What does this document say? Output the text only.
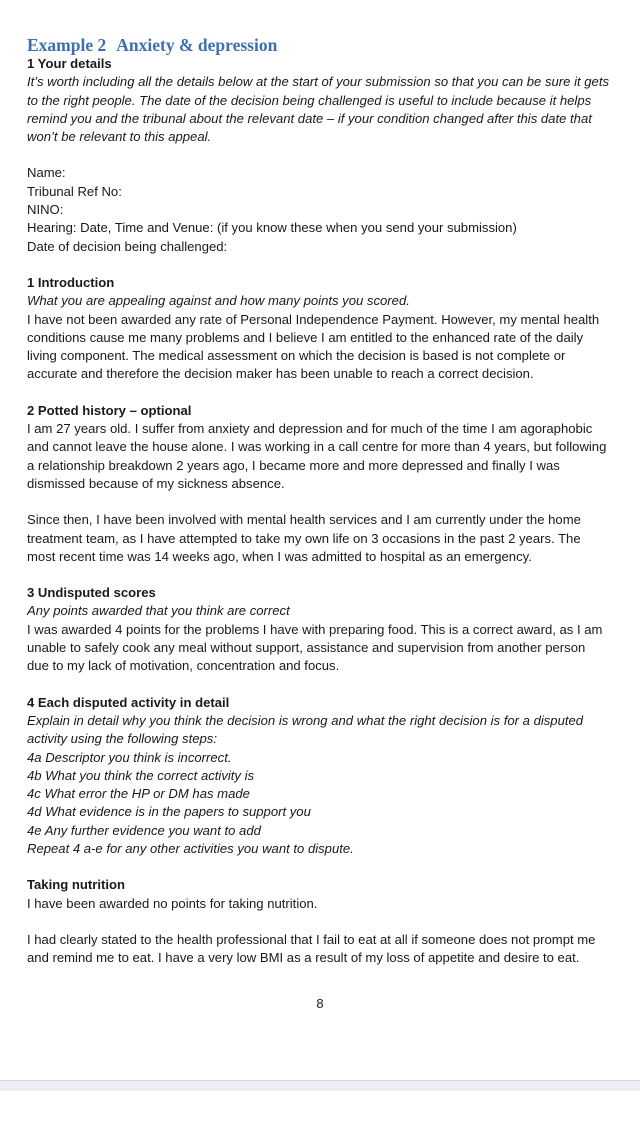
Example 2 Anxiety & depression

1 Your details

It’s worth including all the details below at the start of your submission so that you can be sure it gets

to the right people. The date of the decision being challenged is useful to include because it helps

remind you and the tribunal about the relevant date – if your condition changed after this date that

won’t be relevant to this appeal.

Name:

Tribunal Ref No:

NINO:

Hearing: Date, Time and Venue: (if you know these when you send your submission)

Date of decision being challenged:

1 Introduction

What you are appealing against and how many points you scored.

I have not been awarded any rate of Personal Independence Payment. However, my mental health

conditions cause me many problems and I believe I am entitled to the enhanced rate of the daily

living component. The medical assessment on which the decision is based is not complete or

accurate and therefore the decision maker has been unable to reach a correct decision.

2 Potted history – optional

I am 27 years old. I suffer from anxiety and depression and for much of the time I am agoraphobic

and cannot leave the house alone. I was working in a call centre for more than 4 years, but following

a relationship breakdown 2 years ago, I became more and more depressed and finally I was

dismissed because of my sickness absence.

Since then, I have been involved with mental health services and I am currently under the home

treatment team, as I have attempted to take my own life on 3 occasions in the past 2 years. The

most recent time was 14 weeks ago, when I was admitted to hospital as an emergency.

3 Undisputed scores

Any points awarded that you think are correct

I was awarded 4 points for the problems I have with preparing food. This is a correct award, as I am

unable to safely cook any meal without support, assistance and supervision from another person

due to my lack of motivation, concentration and focus.

4 Each disputed activity in detail

Explain in detail why you think the decision is wrong and what the right decision is for a disputed

activity using the following steps:

4a Descriptor you think is incorrect.

4b What you think the correct activity is

4c What error the HP or DM has made

4d What evidence is in the papers to support you

4e Any further evidence you want to add

Repeat 4 a-e for any other activities you want to dispute.

Taking nutrition

I have been awarded no points for taking nutrition.

I had clearly stated to the health professional that I fail to eat at all if someone does not prompt me

and remind me to eat. I have a very low BMI as a result of my loss of appetite and desire to eat.

8
